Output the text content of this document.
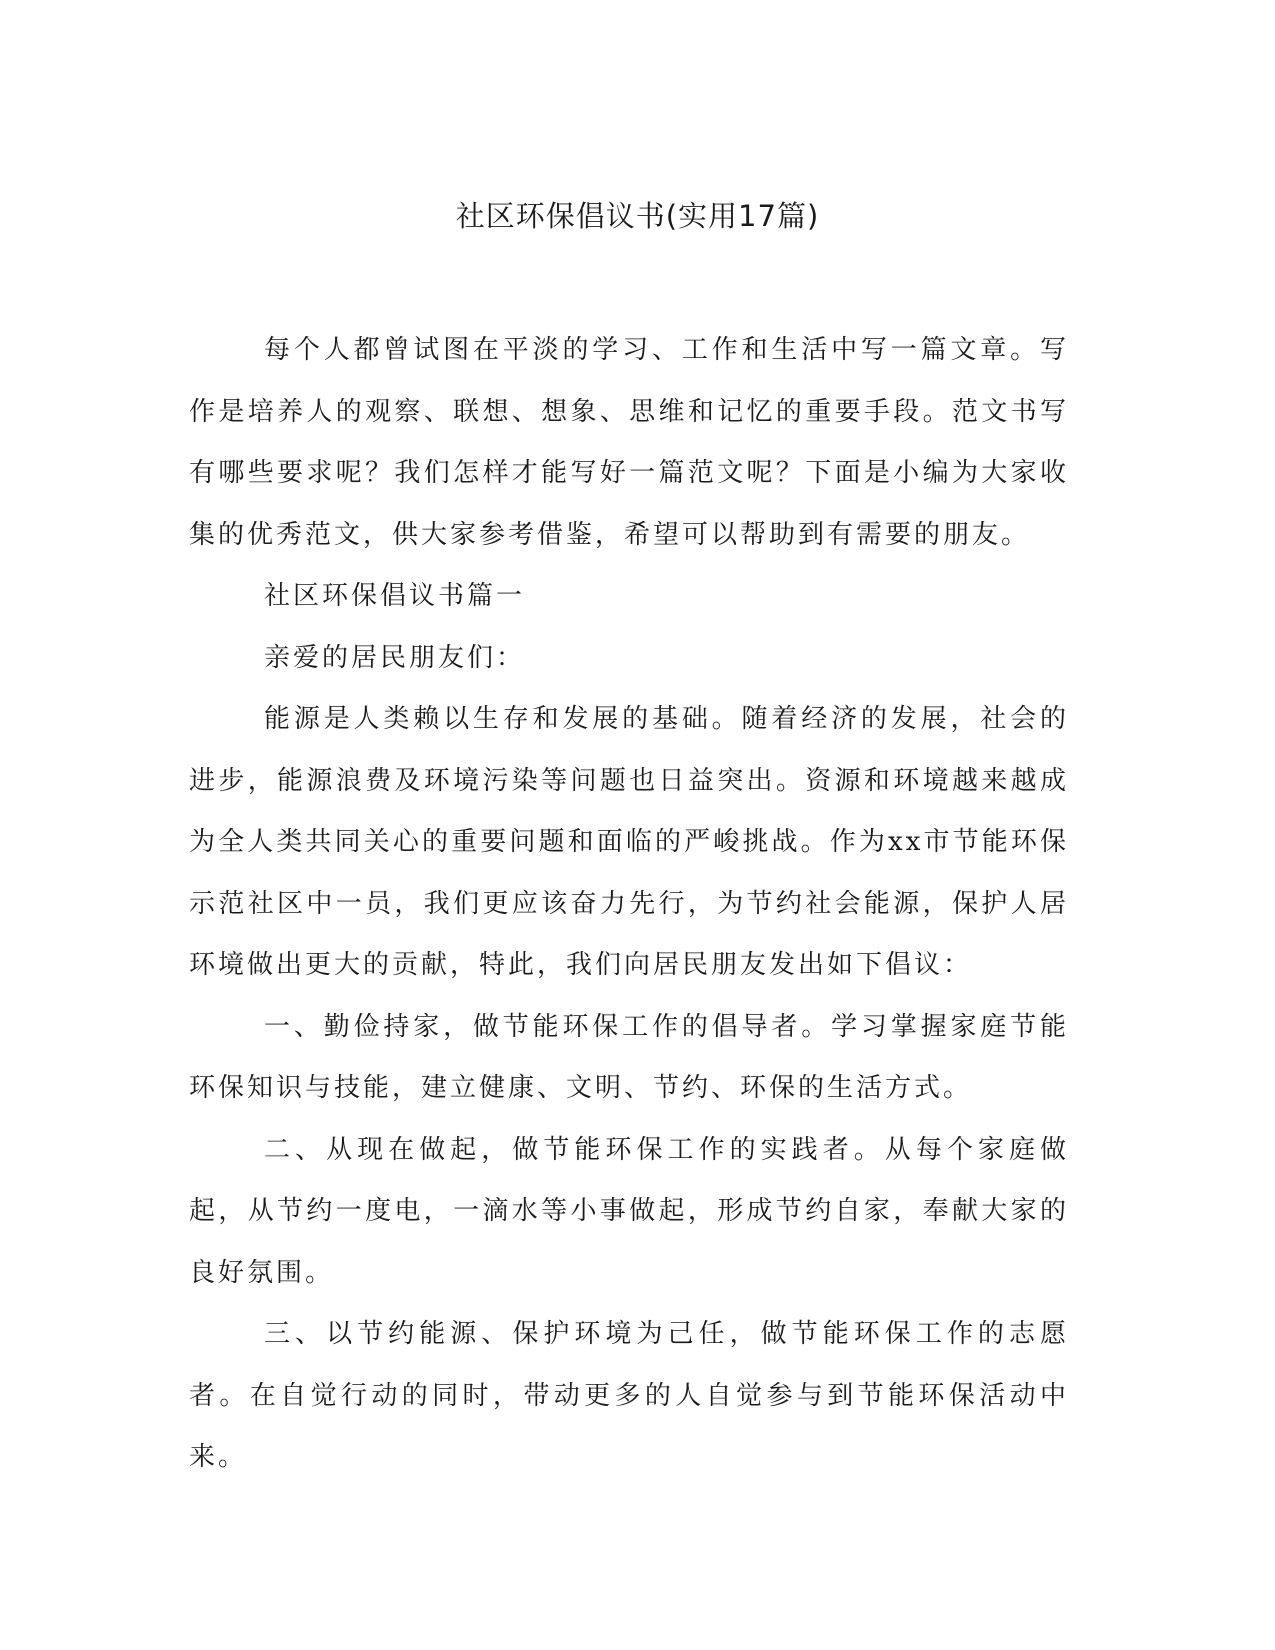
社区环保倡议书(实用17篇)

每个人都曾试图在平淡的学习、工作和生活中写一篇文章。写作是培养人的观察、联想、想象、思维和记忆的重要手段。范文书写有哪些要求呢？我们怎样才能写好一篇范文呢？下面是小编为大家收集的优秀范文，供大家参考借鉴，希望可以帮助到有需要的朋友。

社区环保倡议书篇一

亲爱的居民朋友们：

能源是人类赖以生存和发展的基础。随着经济的发展，社会的进步，能源浪费及环境污染等问题也日益突出。资源和环境越来越成为全人类共同关心的重要问题和面临的严峻挑战。作为xx市节能环保示范社区中一员，我们更应该奋力先行，为节约社会能源，保护人居环境做出更大的贡献，特此，我们向居民朋友发出如下倡议：

一、勤俭持家，做节能环保工作的倡导者。学习掌握家庭节能环保知识与技能，建立健康、文明、节约、环保的生活方式。

二、从现在做起，做节能环保工作的实践者。从每个家庭做起，从节约一度电，一滴水等小事做起，形成节约自家，奉献大家的良好氛围。

三、以节约能源、保护环境为己任，做节能环保工作的志愿者。在自觉行动的同时，带动更多的人自觉参与到节能环保活动中来。
